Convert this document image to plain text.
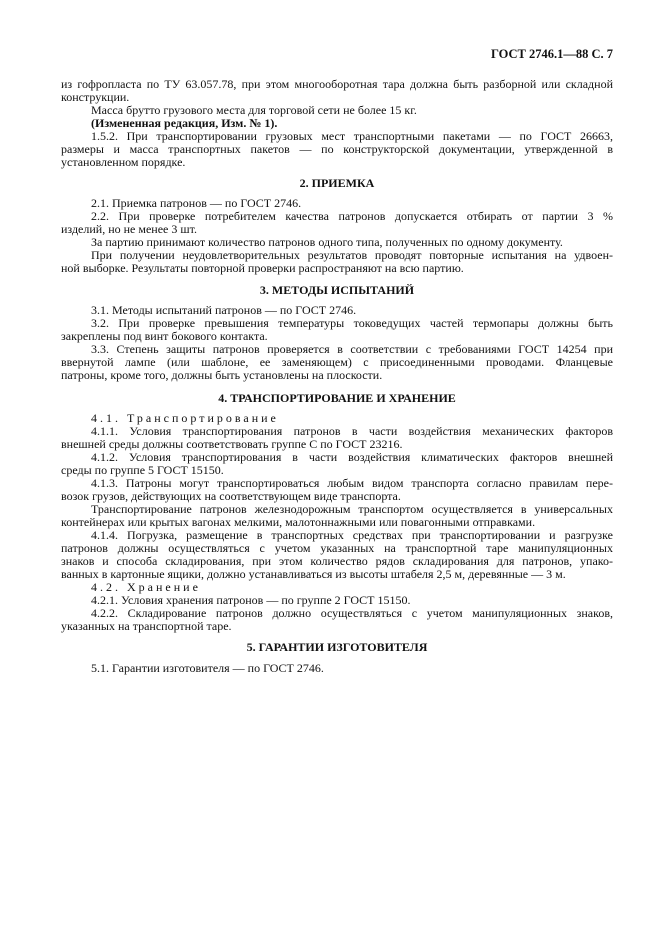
ГОСТ 2746.1—88 С. 7
из гофропласта по ТУ 63.057.78, при этом многооборотная тара должна быть разборной или складной
конструкции.
Масса брутто грузового места для торговой сети не более 15 кг.
(Измененная редакция, Изм. № 1).
1.5.2. При транспортировании грузовых мест транспортными пакетами — по ГОСТ 26663,
размеры и масса транспортных пакетов — по конструкторской документации, утвержденной в
установленном порядке.
2. ПРИЕМКА
2.1. Приемка патронов — по ГОСТ 2746.
2.2. При проверке потребителем качества патронов допускается отбирать от партии 3 %
изделий, но не менее 3 шт.
За партию принимают количество патронов одного типа, полученных по одному документу.
При получении неудовлетворительных результатов проводят повторные испытания на удвоен-
ной выборке. Результаты повторной проверки распространяют на всю партию.
3. МЕТОДЫ ИСПЫТАНИЙ
3.1. Методы испытаний патронов — по ГОСТ 2746.
3.2. При проверке превышения температуры токоведущих частей термопары должны быть
закреплены под винт бокового контакта.
3.3. Степень защиты патронов проверяется в соответствии с требованиями ГОСТ 14254 при
ввернутой лампе (или шаблоне, ее заменяющем) с присоединенными проводами. Фланцевые
патроны, кроме того, должны быть установлены на плоскости.
4. ТРАНСПОРТИРОВАНИЕ И ХРАНЕНИЕ
4.1. Транспортирование
4.1.1. Условия транспортирования патронов в части воздействия механических факторов
внешней среды должны соответствовать группе С по ГОСТ 23216.
4.1.2. Условия транспортирования в части воздействия климатических факторов внешней
среды по группе 5 ГОСТ 15150.
4.1.3. Патроны могут транспортироваться любым видом транспорта согласно правилам пере-
возок грузов, действующих на соответствующем виде транспорта.
Транспортирование патронов железнодорожным транспортом осуществляется в универсальных
контейнерах или крытых вагонах мелкими, малотоннажными или повагонными отправками.
4.1.4. Погрузка, размещение в транспортных средствах при транспортировании и разгрузке
патронов должны осуществляться с учетом указанных на транспортной таре манипуляционных
знаков и способа складирования, при этом количество рядов складирования для патронов, упако-
ванных в картонные ящики, должно устанавливаться из высоты штабеля 2,5 м, деревянные — 3 м.
4.2. Хранение
4.2.1. Условия хранения патронов — по группе 2 ГОСТ 15150.
4.2.2. Складирование патронов должно осуществляться с учетом манипуляционных знаков,
указанных на транспортной таре.
5. ГАРАНТИИ ИЗГОТОВИТЕЛЯ
5.1. Гарантии изготовителя — по ГОСТ 2746.
